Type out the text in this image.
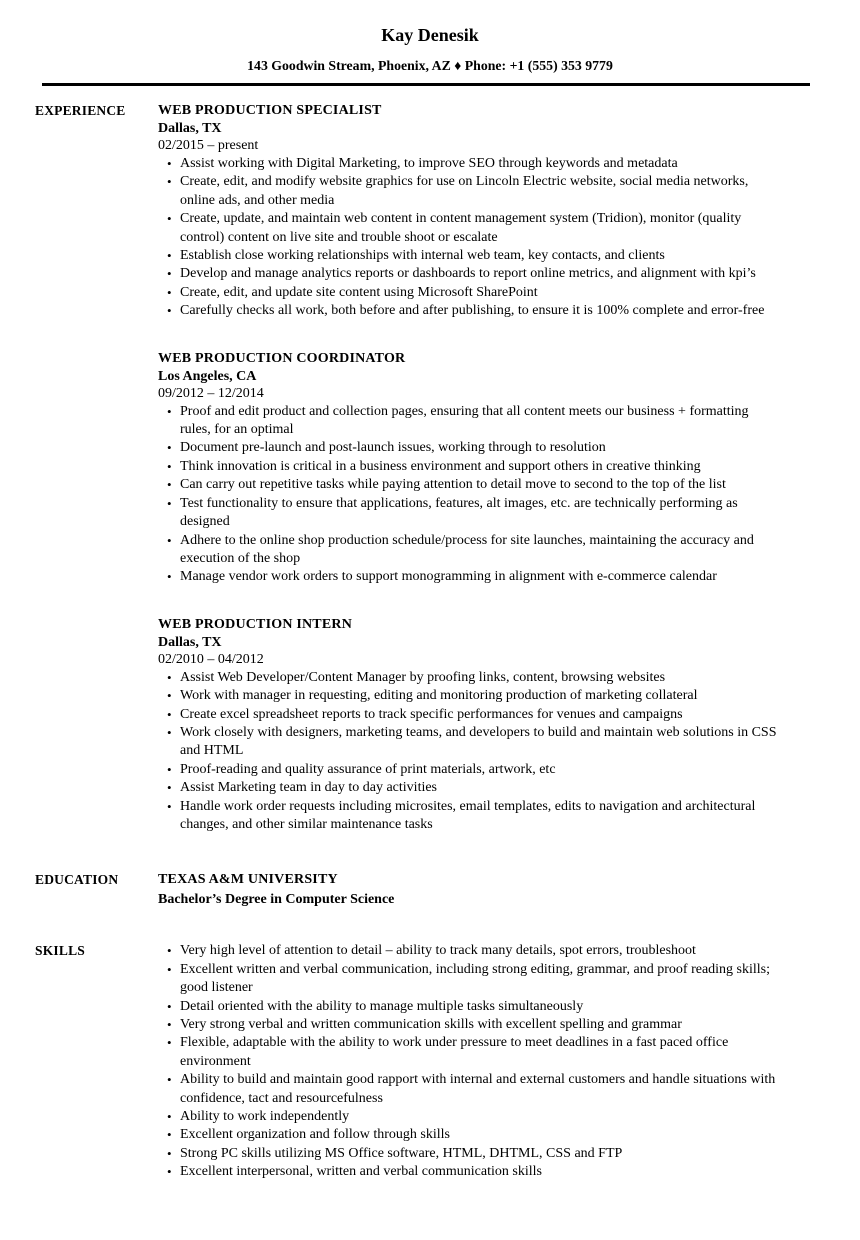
Kay Denesik
143 Goodwin Stream, Phoenix, AZ ♦ Phone: +1 (555) 353 9779
EXPERIENCE	WEB PRODUCTION SPECIALIST
Dallas, TX
02/2015 – present
• Assist working with Digital Marketing, to improve SEO through keywords and metadata
• Create, edit, and modify website graphics for use on Lincoln Electric website, social media networks, online ads, and other media
• Create, update, and maintain web content in content management system (Tridion), monitor (quality control) content on live site and trouble shoot or escalate
• Establish close working relationships with internal web team, key contacts, and clients
• Develop and manage analytics reports or dashboards to report online metrics, and alignment with kpi’s
• Create, edit, and update site content using Microsoft SharePoint
• Carefully checks all work, both before and after publishing, to ensure it is 100% complete and error-free
WEB PRODUCTION COORDINATOR
Los Angeles, CA
09/2012 – 12/2014
• Proof and edit product and collection pages, ensuring that all content meets our business + formatting rules, for an optimal
• Document pre-launch and post-launch issues, working through to resolution
• Think innovation is critical in a business environment and support others in creative thinking
• Can carry out repetitive tasks while paying attention to detail move to second to the top of the list
• Test functionality to ensure that applications, features, alt images, etc. are technically performing as designed
• Adhere to the online shop production schedule/process for site launches, maintaining the accuracy and execution of the shop
• Manage vendor work orders to support monogramming in alignment with e-commerce calendar
WEB PRODUCTION INTERN
Dallas, TX
02/2010 – 04/2012
• Assist Web Developer/Content Manager by proofing links, content, browsing websites
• Work with manager in requesting, editing and monitoring production of marketing collateral
• Create excel spreadsheet reports to track specific performances for venues and campaigns
• Work closely with designers, marketing teams, and developers to build and maintain web solutions in CSS and HTML
• Proof-reading and quality assurance of print materials, artwork, etc
• Assist Marketing team in day to day activities
• Handle work order requests including microsites, email templates, edits to navigation and architectural changes, and other similar maintenance tasks
EDUCATION	TEXAS A&M UNIVERSITY
Bachelor’s Degree in Computer Science
SKILLS	• Very high level of attention to detail – ability to track many details, spot errors, troubleshoot
• Excellent written and verbal communication, including strong editing, grammar, and proof reading skills; good listener
• Detail oriented with the ability to manage multiple tasks simultaneously
• Very strong verbal and written communication skills with excellent spelling and grammar
• Flexible, adaptable with the ability to work under pressure to meet deadlines in a fast paced office environment
• Ability to build and maintain good rapport with internal and external customers and handle situations with confidence, tact and resourcefulness
• Ability to work independently
• Excellent organization and follow through skills
• Strong PC skills utilizing MS Office software, HTML, DHTML, CSS and FTP
• Excellent interpersonal, written and verbal communication skills
